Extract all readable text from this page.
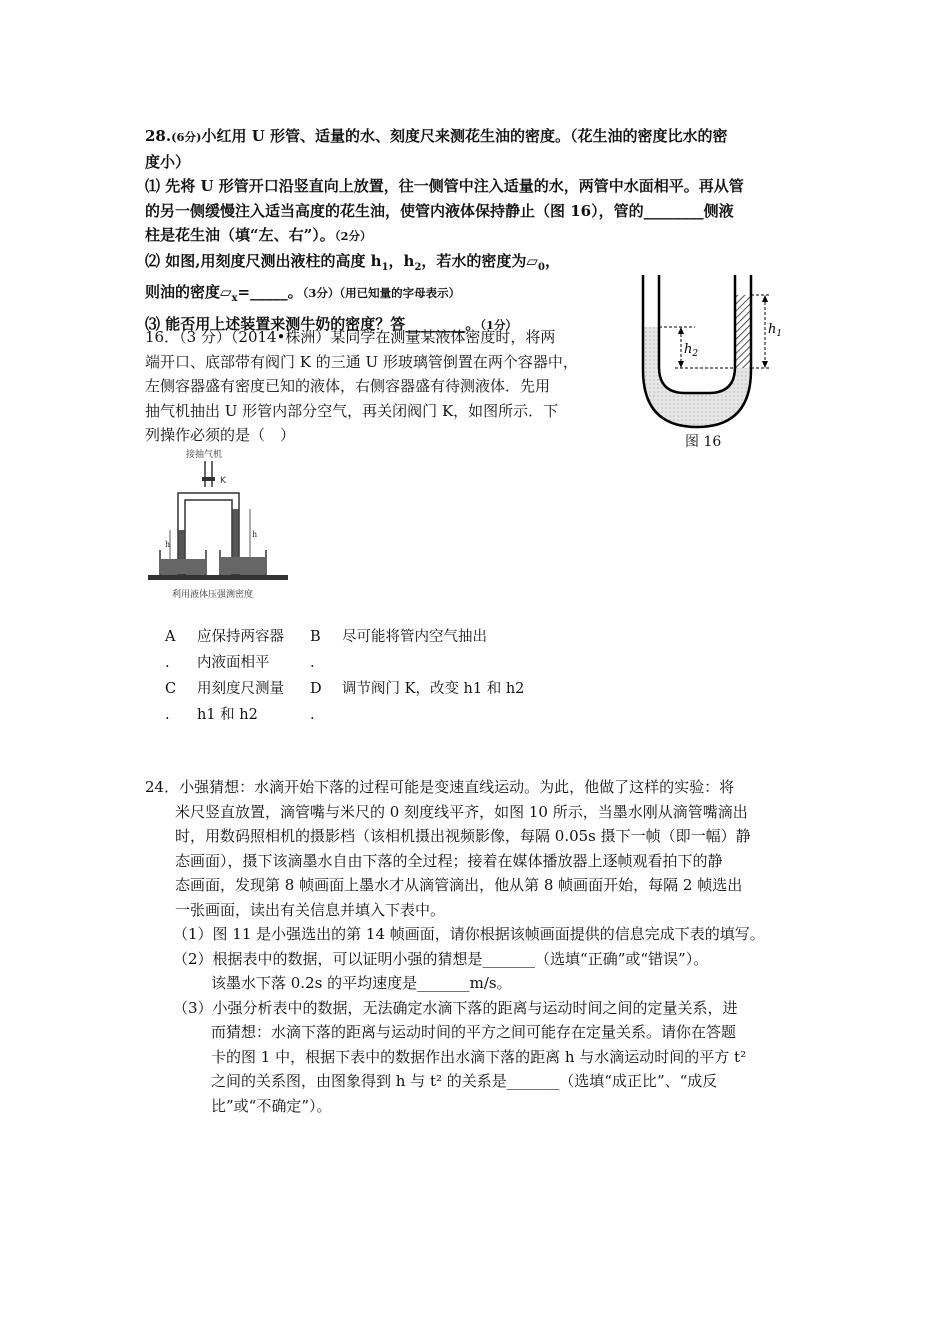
28.(6分)小红用 U 形管、适量的水、刻度尺来测花生油的密度。（花生油的密度比水的密
度小）
⑴ 先将 U 形管开口沿竖直向上放置，往一侧管中注入适量的水，两管中水面相平。再从管
的另一侧缓慢注入适当高度的花生油，使管内液体保持静止（图 16），管的________侧液
柱是花生油（填“左、右”）。（2分）
⑵ 如图,用刻度尺测出液柱的高度 $h_1$，$h_2$，若水的密度为$▱_0$，
则油的密度$▱_x=\_\_\_\_\_$。（3分）（用已知量的字母表示）
⑶ 能否用上述装置来测牛奶的密度？答________。（1分）	$h_1$
$h_2$
图 16
16．（3 分）（2014•株洲）某同学在测量某液体密度时，将两
端开口、底部带有阀门 K 的三通 U 形玻璃管倒置在两个容器中，
左侧容器盛有密度已知的液体，右侧容器盛有待测液体．先用
抽气机抽出 U 形管内部分空气，再关闭阀门 K，如图所示．下
列操作必须的是（　）
接抽气机
K
h
h
利用液体压强测密度
A
.
应保持两容器
内液面相平
B
.
尽可能将管内空气抽出
C
.
用刻度尺测量
h1 和 h2
D
.
调节阀门 K，改变 h1 和 h2

24．小强猜想：水滴开始下落的过程可能是变速直线运动。为此，他做了这样的实验：将

米尺竖直放置，滴管嘴与米尺的 0 刻度线平齐，如图 10 所示，当墨水刚从滴管嘴滴出

时，用数码照相机的摄影档（该相机摄出视频影像，每隔 0.05s 摄下一帧（即一幅）静

态画面），摄下该滴墨水自由下落的全过程；接着在媒体播放器上逐帧观看拍下的静

态画面，发现第 8 帧画面上墨水才从滴管滴出，他从第 8 帧画面开始，每隔 2 帧选出

一张画面，读出有关信息并填入下表中。

（1）图 11 是小强选出的第 14 帧画面，请你根据该帧画面提供的信息完成下表的填写。

（2）根据表中的数据，可以证明小强的猜想是_______（选填“正确”或“错误”）。

该墨水下落 0.2s 的平均速度是_______m/s。

（3）小强分析表中的数据，无法确定水滴下落的距离与运动时间之间的定量关系，进

而猜想：水滴下落的距离与运动时间的平方之间可能存在定量关系。请你在答题

卡的图 1 中，根据下表中的数据作出水滴下落的距离 h 与水滴运动时间的平方 t²

之间的关系图，由图象得到 h 与 t² 的关系是_______（选填“成正比”、“成反

比”或“不确定”）。
